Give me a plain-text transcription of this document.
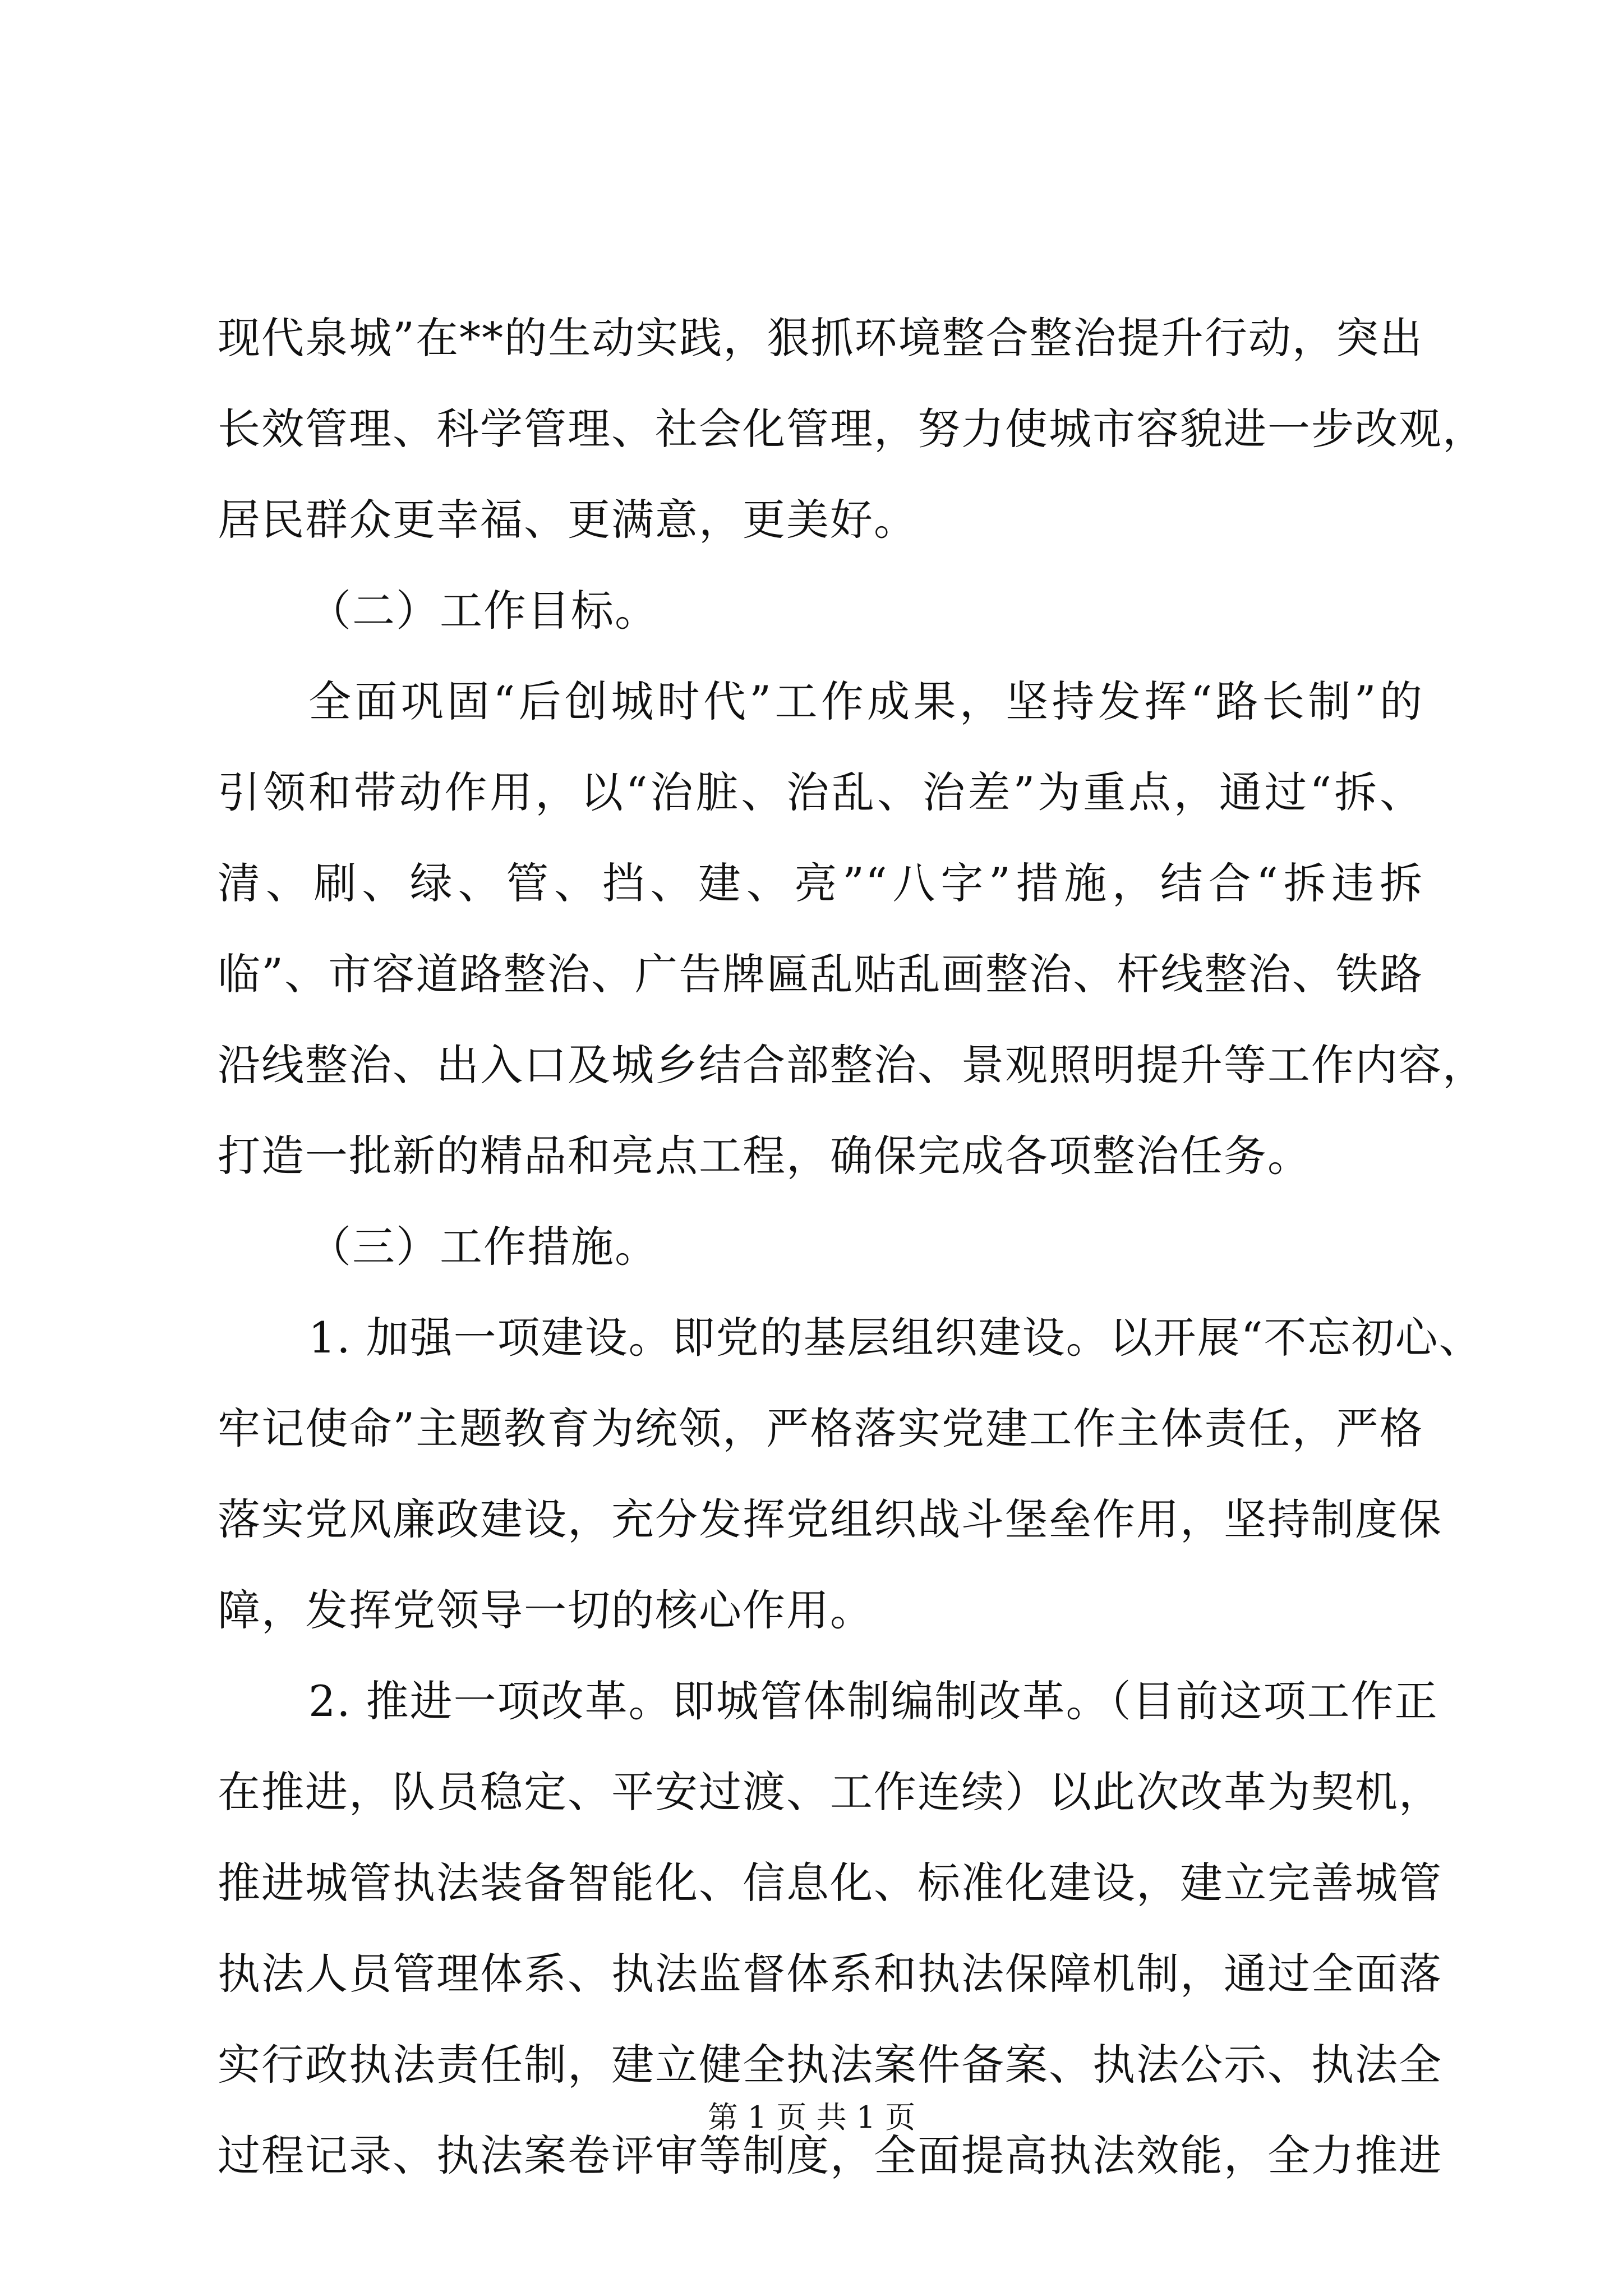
现代泉城”在**的生动实践，狠抓环境整合整治提升行动，突出
长效管理、科学管理、社会化管理，努力使城市容貌进一步改观，
居民群众更幸福、更满意，更美好。
（二）工作目标。
全面巩固“后创城时代”工作成果，坚持发挥“路长制”的
引领和带动作用，以“治脏、治乱、治差”为重点，通过“拆、
清、刷、绿、管、挡、建、亮”“八字”措施，结合“拆违拆
临”、市容道路整治、广告牌匾乱贴乱画整治、杆线整治、铁路
沿线整治、出入口及城乡结合部整治、景观照明提升等工作内容，
打造一批新的精品和亮点工程，确保完成各项整治任务。
（三）工作措施。
1. 加强一项建设。即党的基层组织建设。以开展“不忘初心、
牢记使命”主题教育为统领，严格落实党建工作主体责任，严格
落实党风廉政建设，充分发挥党组织战斗堡垒作用，坚持制度保
障，发挥党领导一切的核心作用。
2. 推进一项改革。即城管体制编制改革。（目前这项工作正
在推进，队员稳定、平安过渡、工作连续）以此次改革为契机，
推进城管执法装备智能化、信息化、标准化建设，建立完善城管
执法人员管理体系、执法监督体系和执法保障机制，通过全面落
实行政执法责任制，建立健全执法案件备案、执法公示、执法全
过程记录、执法案卷评审等制度，全面提高执法效能，全力推进
第 1 页 共 1 页
